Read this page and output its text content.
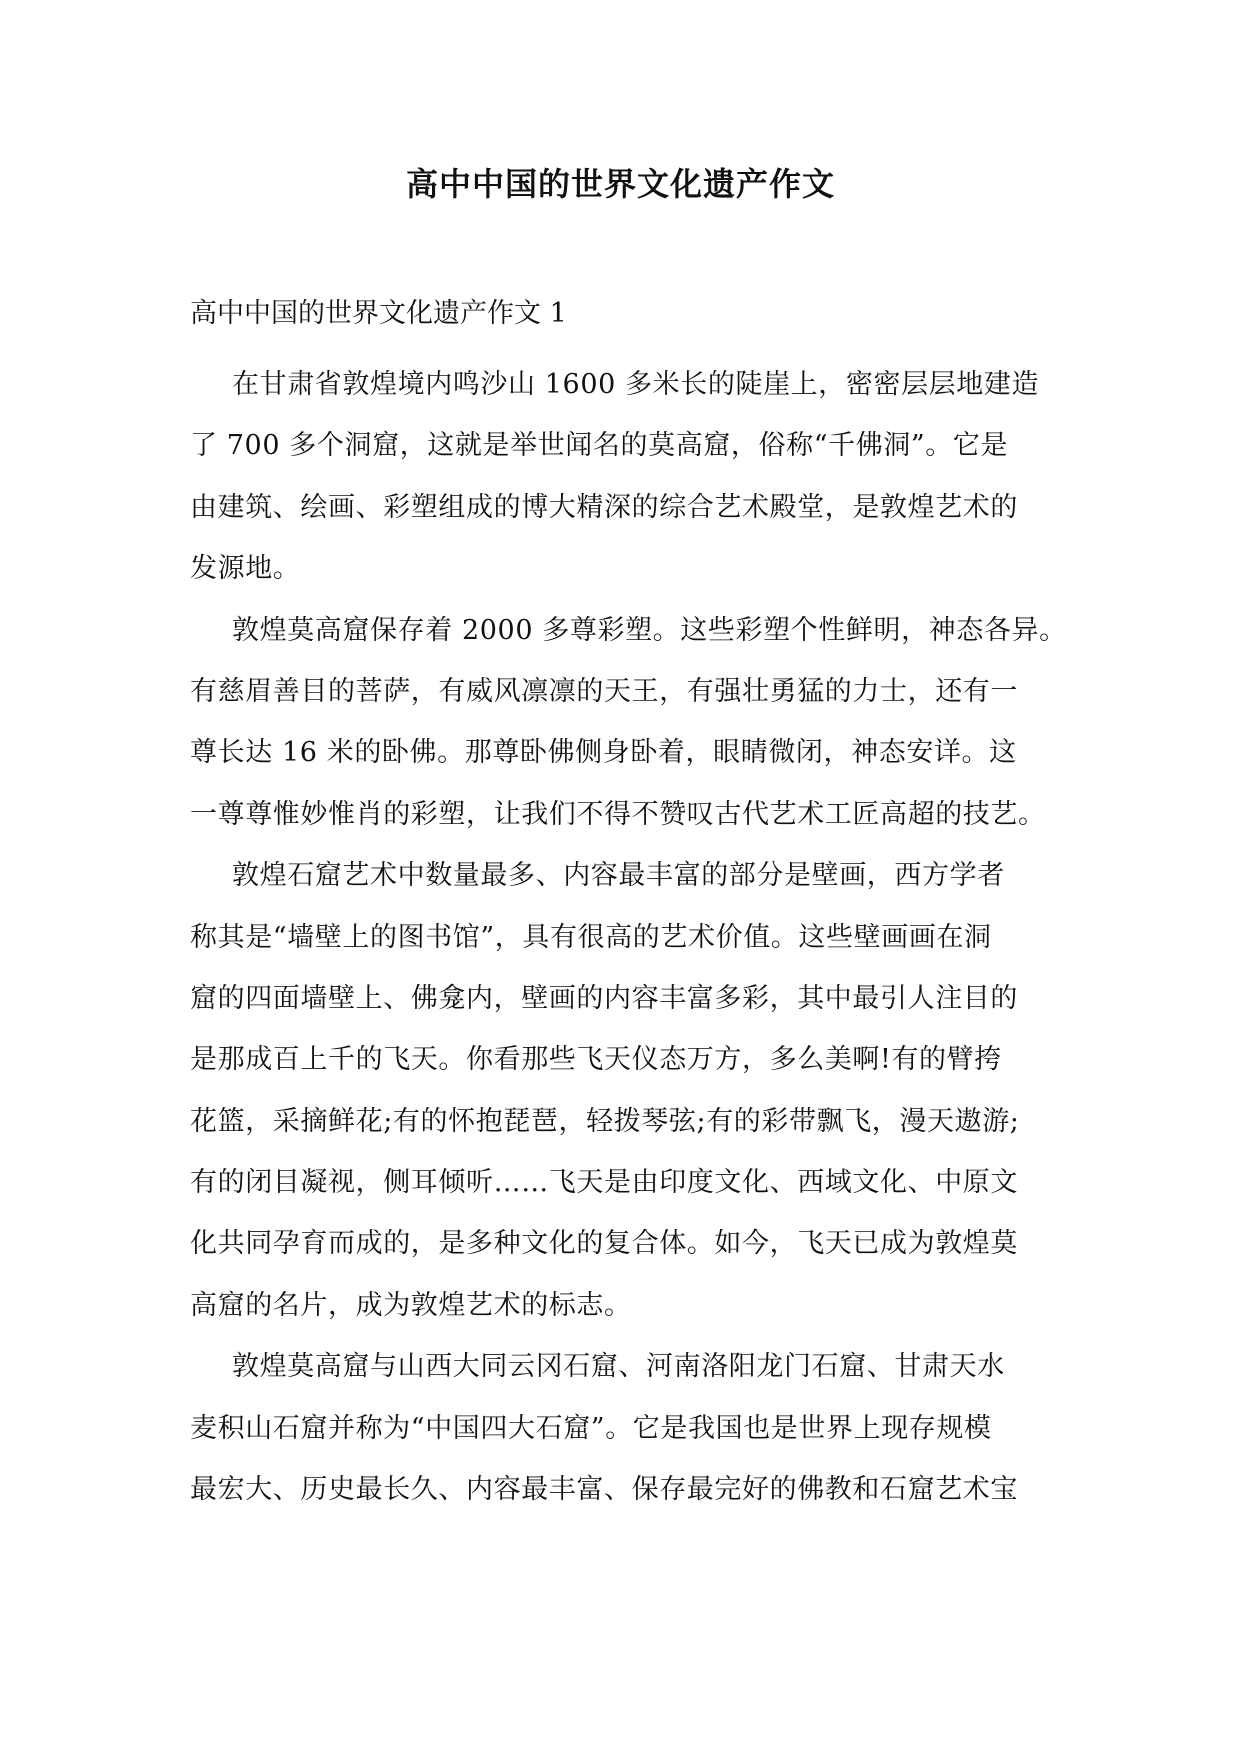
高中中国的世界文化遗产作文
高中中国的世界文化遗产作文 1
在甘肃省敦煌境内鸣沙山 1600 多米长的陡崖上，密密层层地建造
了 700 多个洞窟，这就是举世闻名的莫高窟，俗称“千佛洞”。它是
由建筑、绘画、彩塑组成的博大精深的综合艺术殿堂，是敦煌艺术的
发源地。
敦煌莫高窟保存着 2000 多尊彩塑。这些彩塑个性鲜明，神态各异。
有慈眉善目的菩萨，有威风凛凛的天王，有强壮勇猛的力士，还有一
尊长达 16 米的卧佛。那尊卧佛侧身卧着，眼睛微闭，神态安详。这
一尊尊惟妙惟肖的彩塑，让我们不得不赞叹古代艺术工匠高超的技艺。
敦煌石窟艺术中数量最多、内容最丰富的部分是壁画，西方学者
称其是“墙壁上的图书馆”，具有很高的艺术价值。这些壁画画在洞
窟的四面墙壁上、佛龛内，壁画的内容丰富多彩，其中最引人注目的
是那成百上千的飞天。你看那些飞天仪态万方，多么美啊!有的臂挎
花篮，采摘鲜花;有的怀抱琵琶，轻拨琴弦;有的彩带飘飞，漫天遨游;
有的闭目凝视，侧耳倾听……飞天是由印度文化、西域文化、中原文
化共同孕育而成的，是多种文化的复合体。如今，飞天已成为敦煌莫
高窟的名片，成为敦煌艺术的标志。
敦煌莫高窟与山西大同云冈石窟、河南洛阳龙门石窟、甘肃天水
麦积山石窟并称为“中国四大石窟”。它是我国也是世界上现存规模
最宏大、历史最长久、内容最丰富、保存最完好的佛教和石窟艺术宝
